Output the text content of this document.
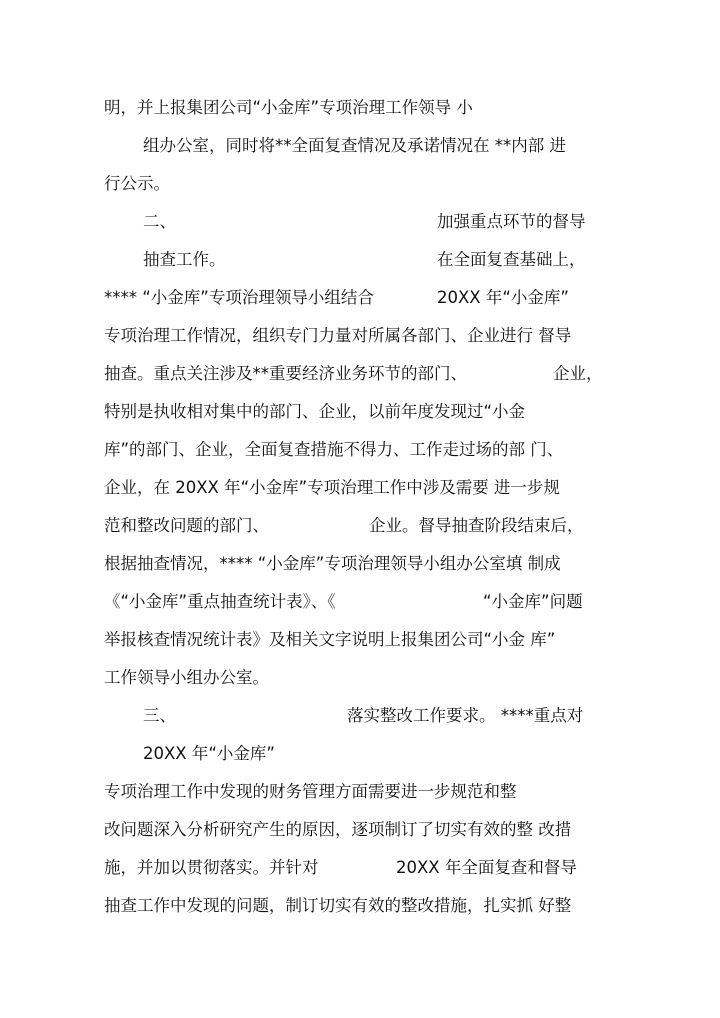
明，并上报集团公司“小金库”专项治理工作领导 小
组办公室，同时将**全面复查情况及承诺情况在 **内部 进
行公示。
二、	加强重点环节的督导
抽查工作。	在全面复查基础上，
**** “小金库”专项治理领导小组结合	20XX 年“小金库”
专项治理工作情况，组织专门力量对所属各部门、企业进行 督导
抽查。重点关注涉及**重要经济业务环节的部门、	企业，
特别是执收相对集中的部门、企业，以前年度发现过“小金
库”的部门、企业，全面复查措施不得力、工作走过场的部 门、
企业，在 20XX 年“小金库”专项治理工作中涉及需要 进一步规
范和整改问题的部门、	企业。督导抽查阶段结束后，
根据抽查情况，**** “小金库”专项治理领导小组办公室填 制成
《“小金库”重点抽查统计表》、《	“小金库”问题
举报核查情况统计表》及相关文字说明上报集团公司“小金 库”
工作领导小组办公室。
三、	落实整改工作要求。 ****重点对
20XX 年“小金库”
专项治理工作中发现的财务管理方面需要进一步规范和整
改问题深入分析研究产生的原因，逐项制订了切实有效的整 改措
施，并加以贯彻落实。并针对	20XX 年全面复查和督导
抽查工作中发现的问题，制订切实有效的整改措施，扎实抓 好整
